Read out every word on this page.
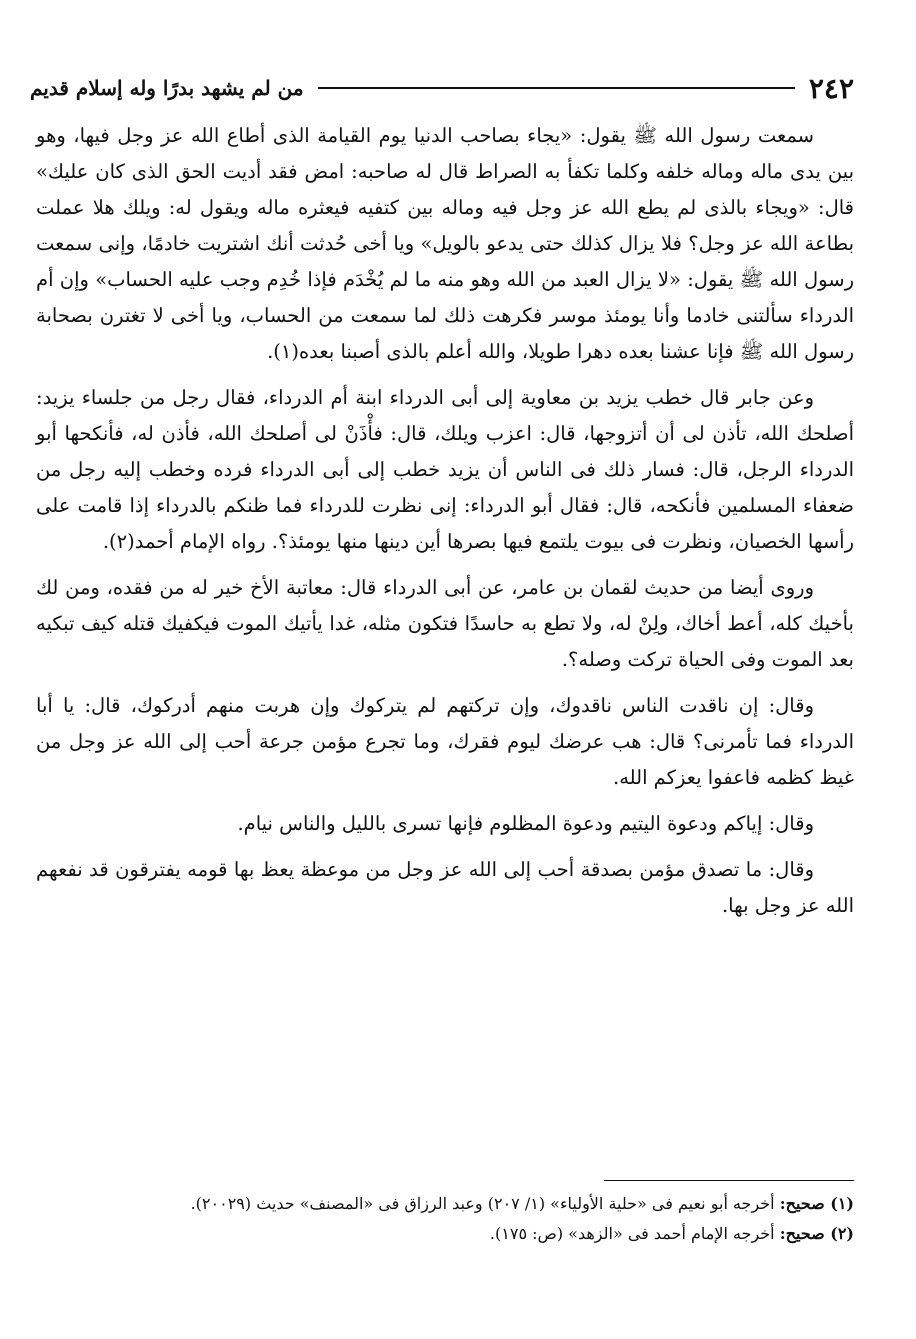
٢٤٢
من لم يشهد بدرًا وله إسلام قديم

سمعت رسول الله ﷺ يقول: «يجاء بصاحب الدنيا يوم القيامة الذى أطاع الله عز وجل فيها، وهو بين يدى ماله وماله خلفه وكلما تكفأ به الصراط قال له صاحبه: امض فقد أديت الحق الذى كان عليك» قال: «ويجاء بالذى لم يطع الله عز وجل فيه وماله بين كتفيه فيعثره ماله ويقول له: ويلك هلا عملت بطاعة الله عز وجل؟ فلا يزال كذلك حتى يدعو بالويل» ويا أخى حُدثت أنك اشتريت خادمًا، وإنى سمعت رسول الله ﷺ يقول: «لا يزال العبد من الله وهو منه ما لم يُخْدَم فإذا خُدِم وجب عليه الحساب» وإن أم الدرداء سألتنى خادما وأنا يومئذ موسر فكرهت ذلك لما سمعت من الحساب، ويا أخى لا تغترن بصحابة رسول الله ﷺ فإنا عشنا بعده دهرا طويلا، والله أعلم بالذى أصبنا بعده(١).

وعن جابر قال خطب يزيد بن معاوية إلى أبى الدرداء ابنة أم الدرداء، فقال رجل من جلساء يزيد: أصلحك الله، تأذن لى أن أتزوجها، قال: اعزب ويلك، قال: فأْذَنْ لى أصلحك الله، فأذن له، فأنكحها أبو الدرداء الرجل، قال: فسار ذلك فى الناس أن يزيد خطب إلى أبى الدرداء فرده وخطب إليه رجل من ضعفاء المسلمين فأنكحه، قال: فقال أبو الدرداء: إنى نظرت للدرداء فما ظنكم بالدرداء إذا قامت على رأسها الخصيان، ونظرت فى بيوت يلتمع فيها بصرها أين دينها منها يومئذ؟. رواه الإمام أحمد(٢).

وروى أيضا من حديث لقمان بن عامر، عن أبى الدرداء قال: معاتبة الأخ خير له من فقده، ومن لك بأخيك كله، أعط أخاك، ولِنْ له، ولا تطع به حاسدًا فتكون مثله، غدا يأتيك الموت فيكفيك قتله كيف تبكيه بعد الموت وفى الحياة تركت وصله؟.

وقال: إن ناقدت الناس ناقدوك، وإن تركتهم لم يتركوك وإن هربت منهم أدركوك، قال: يا أبا الدرداء فما تأمرنى؟ قال: هب عرضك ليوم فقرك، وما تجرع مؤمن جرعة أحب إلى الله عز وجل من غيظ كظمه فاعفوا يعزكم الله.

وقال: إياكم ودعوة اليتيم ودعوة المظلوم فإنها تسرى بالليل والناس نيام.

وقال: ما تصدق مؤمن بصدقة أحب إلى الله عز وجل من موعظة يعظ بها قومه يفترقون قد نفعهم الله عز وجل بها.

(١) صحيح: أخرجه أبو نعيم فى «حلية الأولياء» (١/ ٢٠٧) وعبد الرزاق فى «المصنف» حديث (٢٠٠٢٩).

(٢) صحيح: أخرجه الإمام أحمد فى «الزهد» (ص: ١٧٥).
